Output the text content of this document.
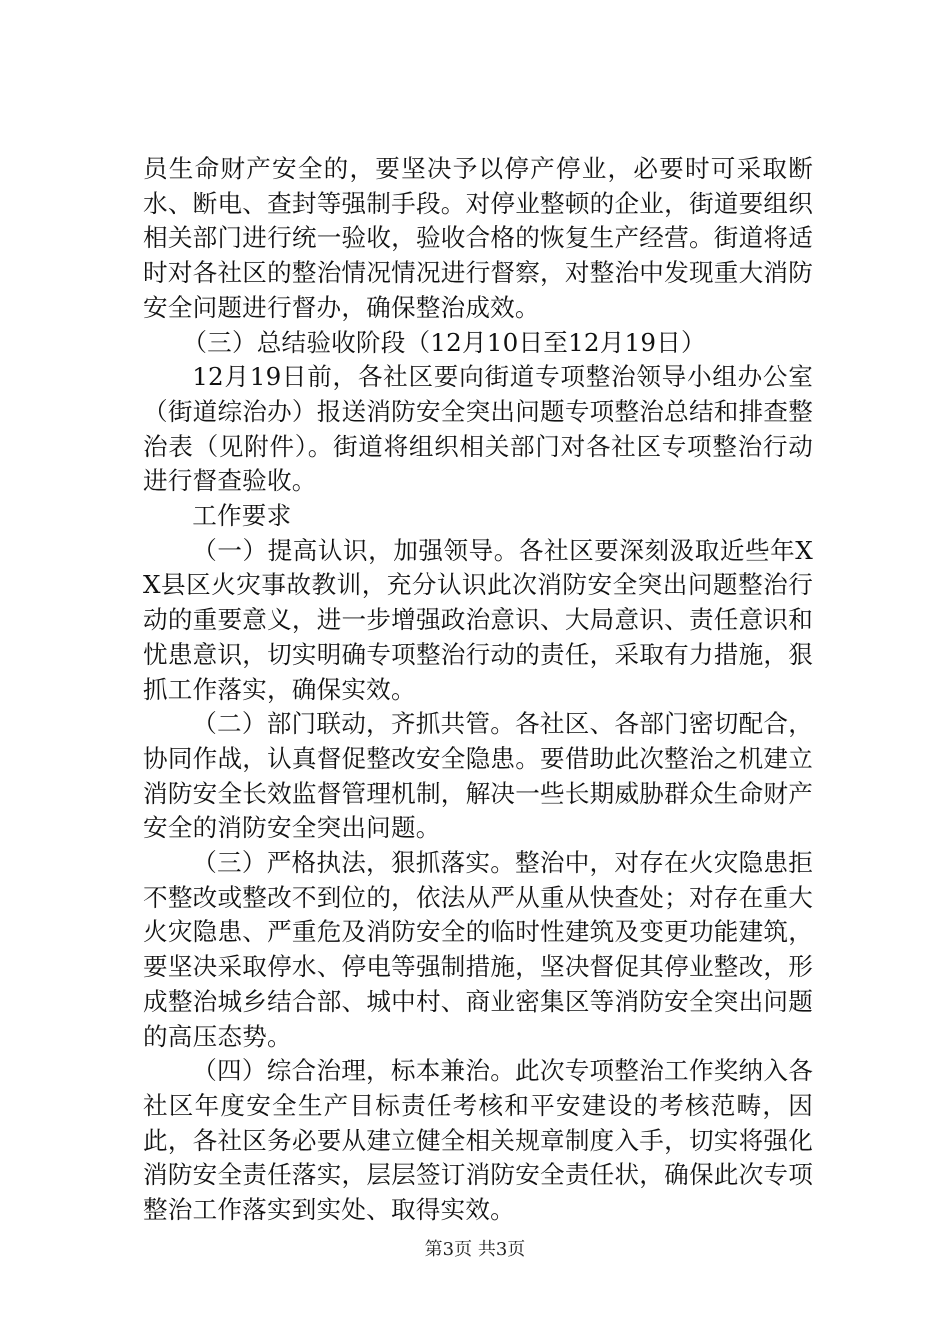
员生命财产安全的，要坚决予以停产停业，必要时可采取断水、断电、查封等强制手段。对停业整顿的企业，街道要组织相关部门进行统一验收，验收合格的恢复生产经营。街道将适时对各社区的整治情况情况进行督察，对整治中发现重大消防安全问题进行督办，确保整治成效。

（三）总结验收阶段（12月10日至12月19日）

12月19日前，各社区要向街道专项整治领导小组办公室（街道综治办）报送消防安全突出问题专项整治总结和排查整治表（见附件）。街道将组织相关部门对各社区专项整治行动进行督查验收。

工作要求

（一）提高认识，加强领导。各社区要深刻汲取近些年XX县区火灾事故教训，充分认识此次消防安全突出问题整治行动的重要意义，进一步增强政治意识、大局意识、责任意识和忧患意识，切实明确专项整治行动的责任，采取有力措施，狠抓工作落实，确保实效。

（二）部门联动，齐抓共管。各社区、各部门密切配合，协同作战，认真督促整改安全隐患。要借助此次整治之机建立消防安全长效监督管理机制，解决一些长期威胁群众生命财产安全的消防安全突出问题。

（三）严格执法，狠抓落实。整治中，对存在火灾隐患拒不整改或整改不到位的，依法从严从重从快查处；对存在重大火灾隐患、严重危及消防安全的临时性建筑及变更功能建筑，要坚决采取停水、停电等强制措施，坚决督促其停业整改，形成整治城乡结合部、城中村、商业密集区等消防安全突出问题的高压态势。

（四）综合治理，标本兼治。此次专项整治工作奖纳入各社区年度安全生产目标责任考核和平安建设的考核范畴，因此，各社区务必要从建立健全相关规章制度入手，切实将强化消防安全责任落实，层层签订消防安全责任状，确保此次专项整治工作落实到实处、取得实效。

第3页 共3页
